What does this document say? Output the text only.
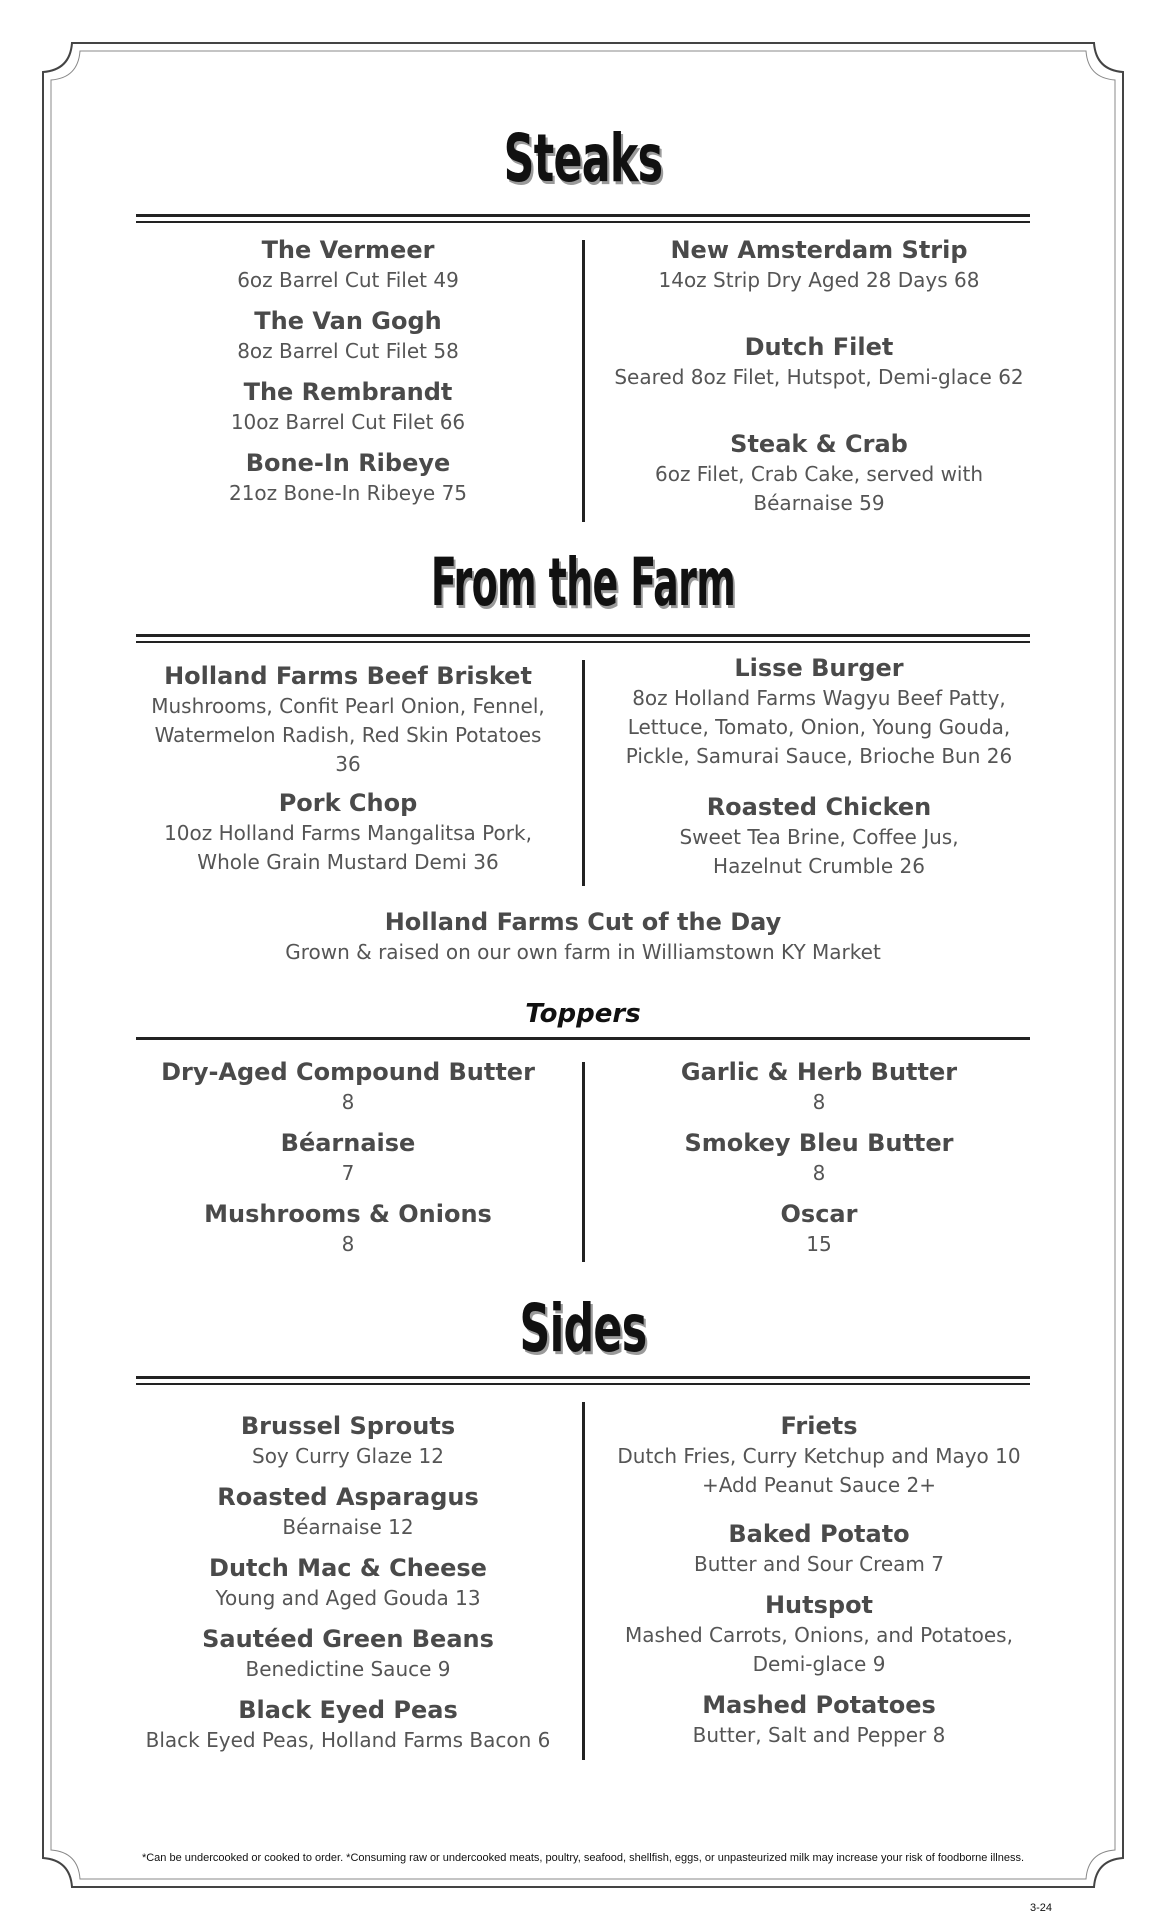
Steaks
The Vermeer
6oz Barrel Cut Filet 49
The Van Gogh
8oz Barrel Cut Filet 58
The Rembrandt
10oz Barrel Cut Filet 66
Bone-In Ribeye
21oz Bone-In Ribeye 75
New Amsterdam Strip
14oz Strip Dry Aged 28 Days 68
Dutch Filet
Seared 8oz Filet, Hutspot, Demi-glace 62
Steak & Crab
6oz Filet, Crab Cake, served with Béarnaise 59
From the Farm
Holland Farms Beef Brisket
Mushrooms, Confit Pearl Onion, Fennel, Watermelon Radish, Red Skin Potatoes 36
Pork Chop
10oz Holland Farms Mangalitsa Pork, Whole Grain Mustard Demi 36
Lisse Burger
8oz Holland Farms Wagyu Beef Patty, Lettuce, Tomato, Onion, Young Gouda, Pickle, Samurai Sauce, Brioche Bun 26
Roasted Chicken
Sweet Tea Brine, Coffee Jus, Hazelnut Crumble 26
Holland Farms Cut of the Day
Grown & raised on our own farm in Williamstown KY Market
Toppers
Dry-Aged Compound Butter
8
Béarnaise
7
Mushrooms & Onions
8
Garlic & Herb Butter
8
Smokey Bleu Butter
8
Oscar
15
Sides
Brussel Sprouts
Soy Curry Glaze 12
Roasted Asparagus
Béarnaise 12
Dutch Mac & Cheese
Young and Aged Gouda 13
Sautéed Green Beans
Benedictine Sauce 9
Black Eyed Peas
Black Eyed Peas, Holland Farms Bacon 6
Friets
Dutch Fries, Curry Ketchup and Mayo 10
+Add Peanut Sauce 2+
Baked Potato
Butter and Sour Cream 7
Hutspot
Mashed Carrots, Onions, and Potatoes, Demi-glace 9
Mashed Potatoes
Butter, Salt and Pepper 8
*Can be undercooked or cooked to order. *Consuming raw or undercooked meats, poultry, seafood, shellfish, eggs, or unpasteurized milk may increase your risk of foodborne illness.
3-24
